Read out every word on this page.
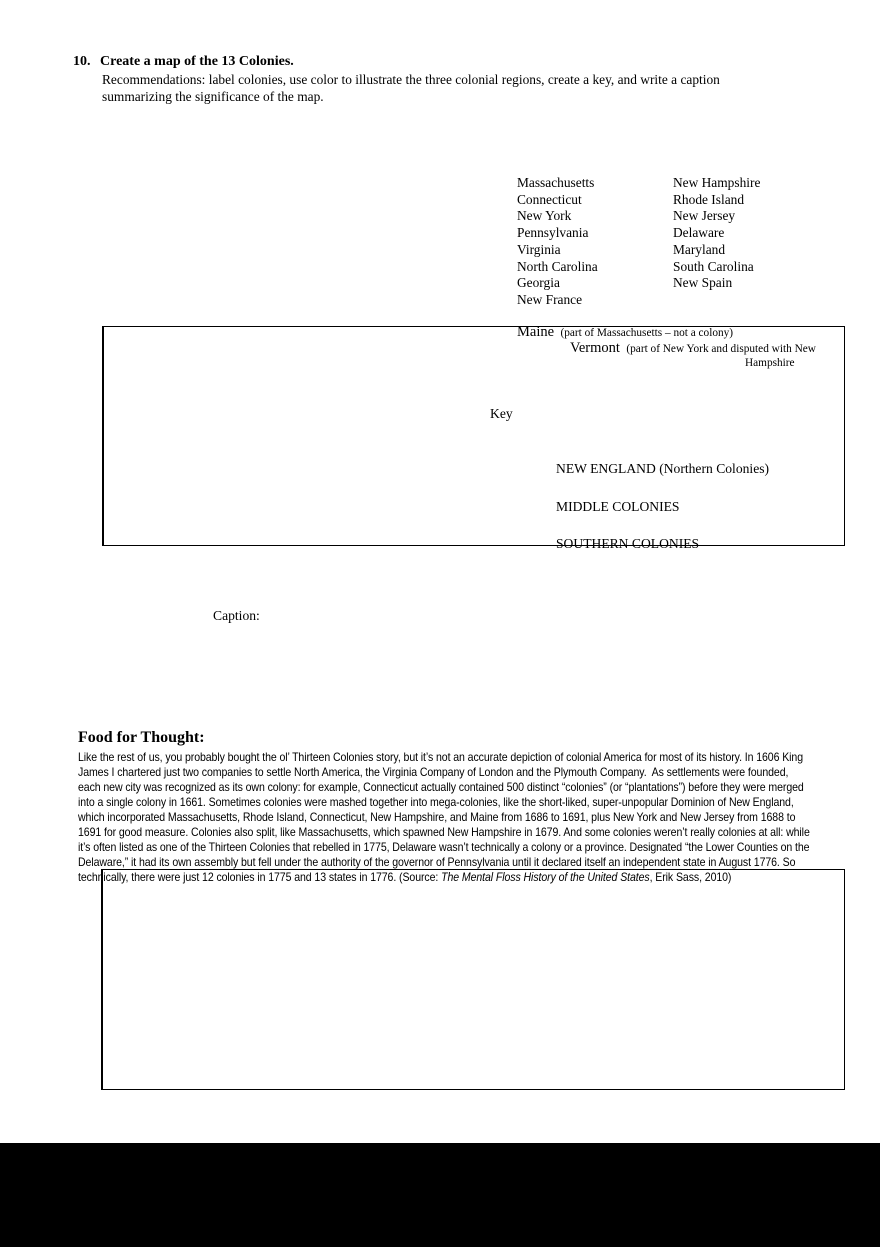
10. Create a map of the 13 Colonies.
Recommendations: label colonies, use color to illustrate the three colonial regions, create a key, and write a caption
summarizing the significance of the map.
Massachusetts
Connecticut
New York
Pennsylvania
Virginia
North Carolina
Georgia
New France
New Hampshire
Rhode Island
New Jersey
Delaware
Maryland
South Carolina
New Spain
Maine (part of Massachusetts – not a colony)
Vermont (part of New York and disputed with New
Hampshire
Key
NEW ENGLAND (Northern Colonies)
MIDDLE COLONIES
SOUTHERN COLONIES
Caption:
Food for Thought:
Like the rest of us, you probably bought the ol’ Thirteen Colonies story, but it’s not an accurate depiction of colonial America for most of its history. In 1606 King
James I chartered just two companies to settle North America, the Virginia Company of London and the Plymouth Company.  As settlements were founded,
each new city was recognized as its own colony: for example, Connecticut actually contained 500 distinct “colonies” (or “plantations”) before they were merged
into a single colony in 1661. Sometimes colonies were mashed together into mega-colonies, like the short-liked, super-unpopular Dominion of New England,
which incorporated Massachusetts, Rhode Island, Connecticut, New Hampshire, and Maine from 1686 to 1691, plus New York and New Jersey from 1688 to
1691 for good measure. Colonies also split, like Massachusetts, which spawned New Hampshire in 1679. And some colonies weren’t really colonies at all: while
it’s often listed as one of the Thirteen Colonies that rebelled in 1775, Delaware wasn’t technically a colony or a province. Designated “the Lower Counties on the
Delaware,” it had its own assembly but fell under the authority of the governor of Pennsylvania until it declared itself an independent state in August 1776. So
technically, there were just 12 colonies in 1775 and 13 states in 1776. (Source: The Mental Floss History of the United States, Erik Sass, 2010)
